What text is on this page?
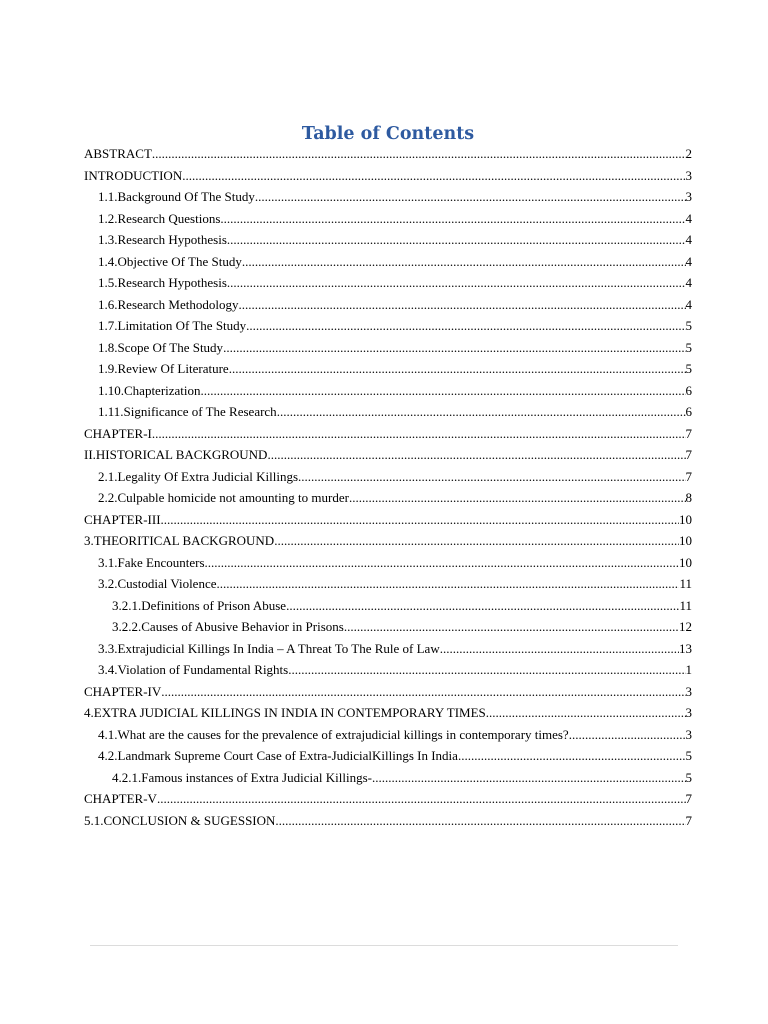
Table of Contents
ABSTRACT .....	2
INTRODUCTION .....	3
1.1.Background Of The Study .....	3
1.2.Research Questions .....	4
1.3.Research Hypothesis .....	4
1.4.Objective Of The Study .....	4
1.5.Research Hypothesis .....	4
1.6.Research Methodology .....	4
1.7.Limitation Of The Study .....	5
1.8.Scope Of The Study .....	5
1.9.Review Of Literature .....	5
1.10.Chapterization .....	6
1.11.Significance of The Research .....	6
CHAPTER-I .....	7
II.HISTORICAL BACKGROUND .....	7
2.1.Legality Of Extra Judicial Killings .....	7
2.2.Culpable homicide not amounting to murder .....	8
CHAPTER-III .....	10
3.THEORITICAL BACKGROUND .....	10
3.1.Fake Encounters .....	10
3.2.Custodial Violence .....	11
3.2.1.Definitions of Prison Abuse .....	11
3.2.2.Causes of Abusive Behavior in Prisons .....	12
3.3.Extrajudicial Killings In India – A Threat To The Rule of Law .....	13
3.4.Violation of Fundamental Rights .....	1
CHAPTER-IV .....	3
4.EXTRA JUDICIAL KILLINGS IN INDIA IN CONTEMPORARY TIMES .....	3
4.1.What are the causes for the prevalence of extrajudicial killings in contemporary times? .....	3
4.2.Landmark Supreme Court Case of Extra-JudicialKillings In India .....	5
4.2.1.Famous instances of Extra Judicial Killings- .....	5
CHAPTER-V .....	7
5.1.CONCLUSION & SUGESSION .....	7
